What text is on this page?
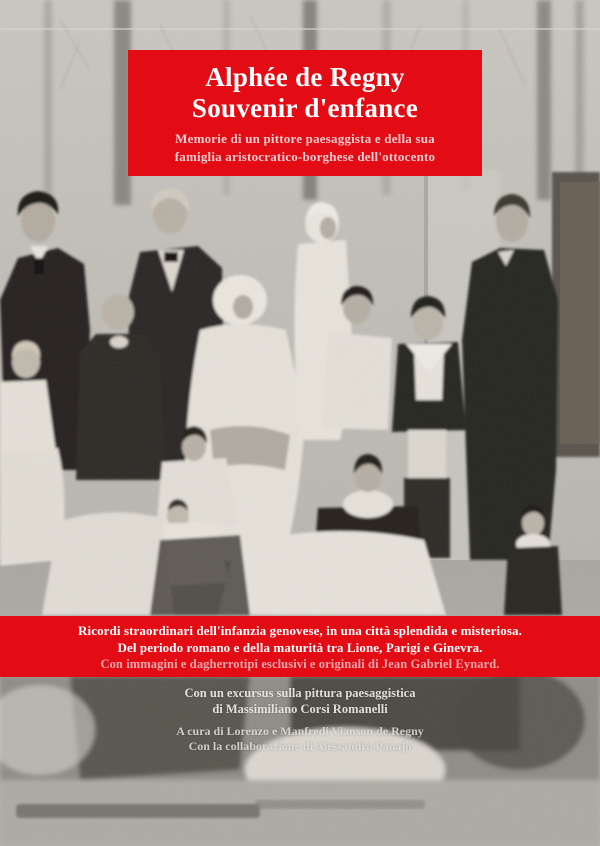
Alphée de Regny
Souvenir d'enfance
Memorie di un pittore paesaggista e della sua
famiglia aristocratico-borghese dell'ottocento
Ricordi straordinari dell'infanzia genovese, in una città splendida e misteriosa.
Del periodo romano e della maturità tra Lione, Parigi e Ginevra.
Con immagini e dagherrotipi esclusivi e originali di Jean Gabriel Eynard.
Con un excursus sulla pittura paesaggistica
di Massimiliano Corsi Romanelli
A cura di Lorenzo e Manfredi Vianson de Regny
Con la collaborazione di Alessandro Panajo
